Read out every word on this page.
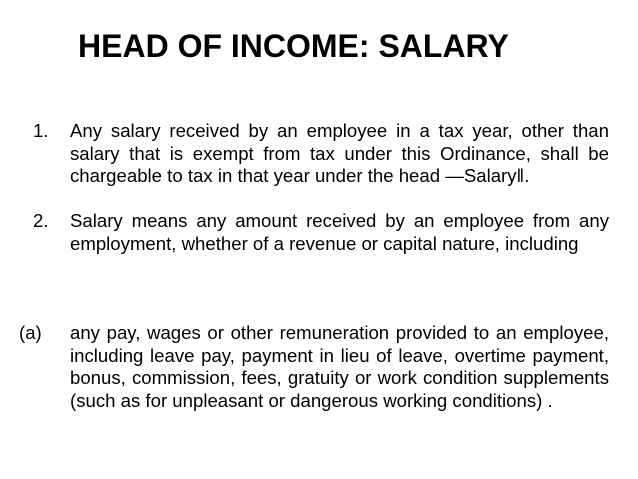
HEAD OF INCOME: SALARY
1. Any salary received by an employee in a tax year, other than salary that is exempt from tax under this Ordinance, shall be chargeable to tax in that year under the head ―Salary‖.
2. Salary means any amount received by an employee from any employment, whether of a revenue or capital nature, including
(a) any pay, wages or other remuneration provided to an employee, including leave pay, payment in lieu of leave, overtime payment, bonus, commission, fees, gratuity or work condition supplements (such as for unpleasant or dangerous working conditions) .
